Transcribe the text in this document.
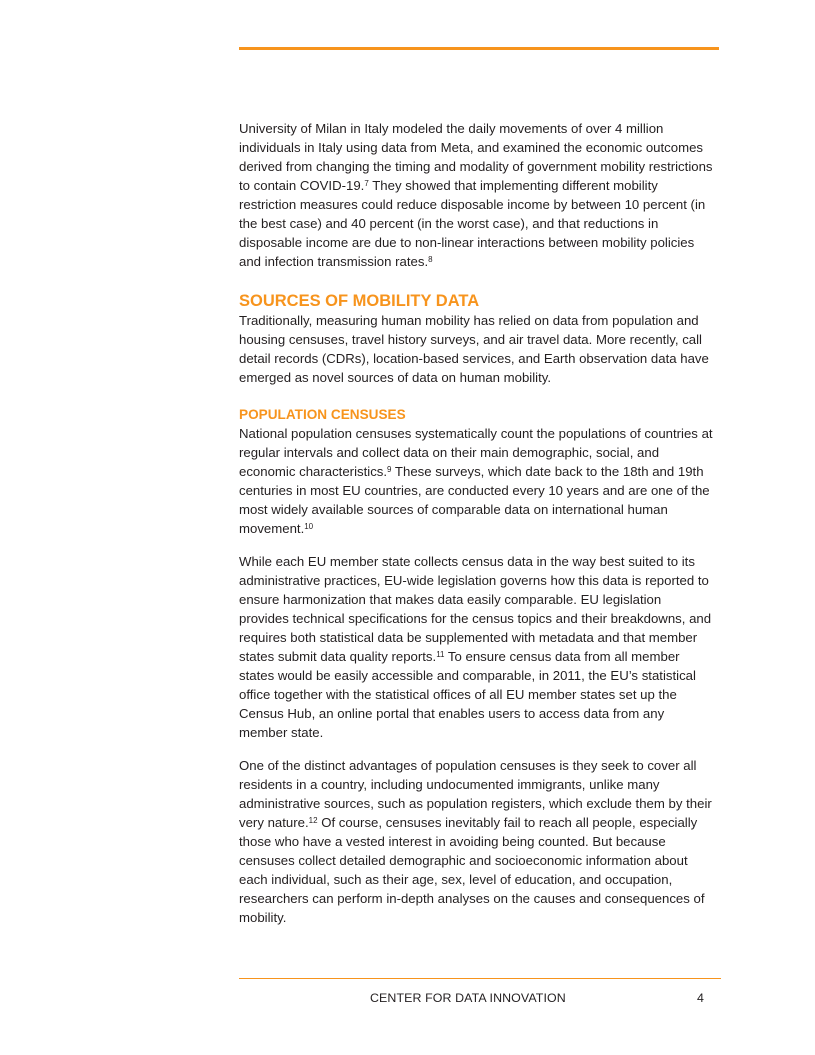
University of Milan in Italy modeled the daily movements of over 4 million individuals in Italy using data from Meta, and examined the economic outcomes derived from changing the timing and modality of government mobility restrictions to contain COVID-19.$^7$ They showed that implementing different mobility restriction measures could reduce disposable income by between 10 percent (in the best case) and 40 percent (in the worst case), and that reductions in disposable income are due to non-linear interactions between mobility policies and infection transmission rates.$^8$

SOURCES OF MOBILITY DATA

Traditionally, measuring human mobility has relied on data from population and housing censuses, travel history surveys, and air travel data. More recently, call detail records (CDRs), location-based services, and Earth observation data have emerged as novel sources of data on human mobility.

POPULATION CENSUSES

National population censuses systematically count the populations of countries at regular intervals and collect data on their main demographic, social, and economic characteristics.$^9$ These surveys, which date back to the 18th and 19th centuries in most EU countries, are conducted every 10 years and are one of the most widely available sources of comparable data on international human movement.$^{10}$

While each EU member state collects census data in the way best suited to its administrative practices, EU-wide legislation governs how this data is reported to ensure harmonization that makes data easily comparable. EU legislation provides technical specifications for the census topics and their breakdowns, and requires both statistical data be supplemented with metadata and that member states submit data quality reports.$^{11}$ To ensure census data from all member states would be easily accessible and comparable, in 2011, the EU’s statistical office together with the statistical offices of all EU member states set up the Census Hub, an online portal that enables users to access data from any member state.

One of the distinct advantages of population censuses is they seek to cover all residents in a country, including undocumented immigrants, unlike many administrative sources, such as population registers, which exclude them by their very nature.$^{12}$ Of course, censuses inevitably fail to reach all people, especially those who have a vested interest in avoiding being counted. But because censuses collect detailed demographic and socioeconomic information about each individual, such as their age, sex, level of education, and occupation, researchers can perform in-depth analyses on the causes and consequences of mobility.

CENTER FOR DATA INNOVATION	4
